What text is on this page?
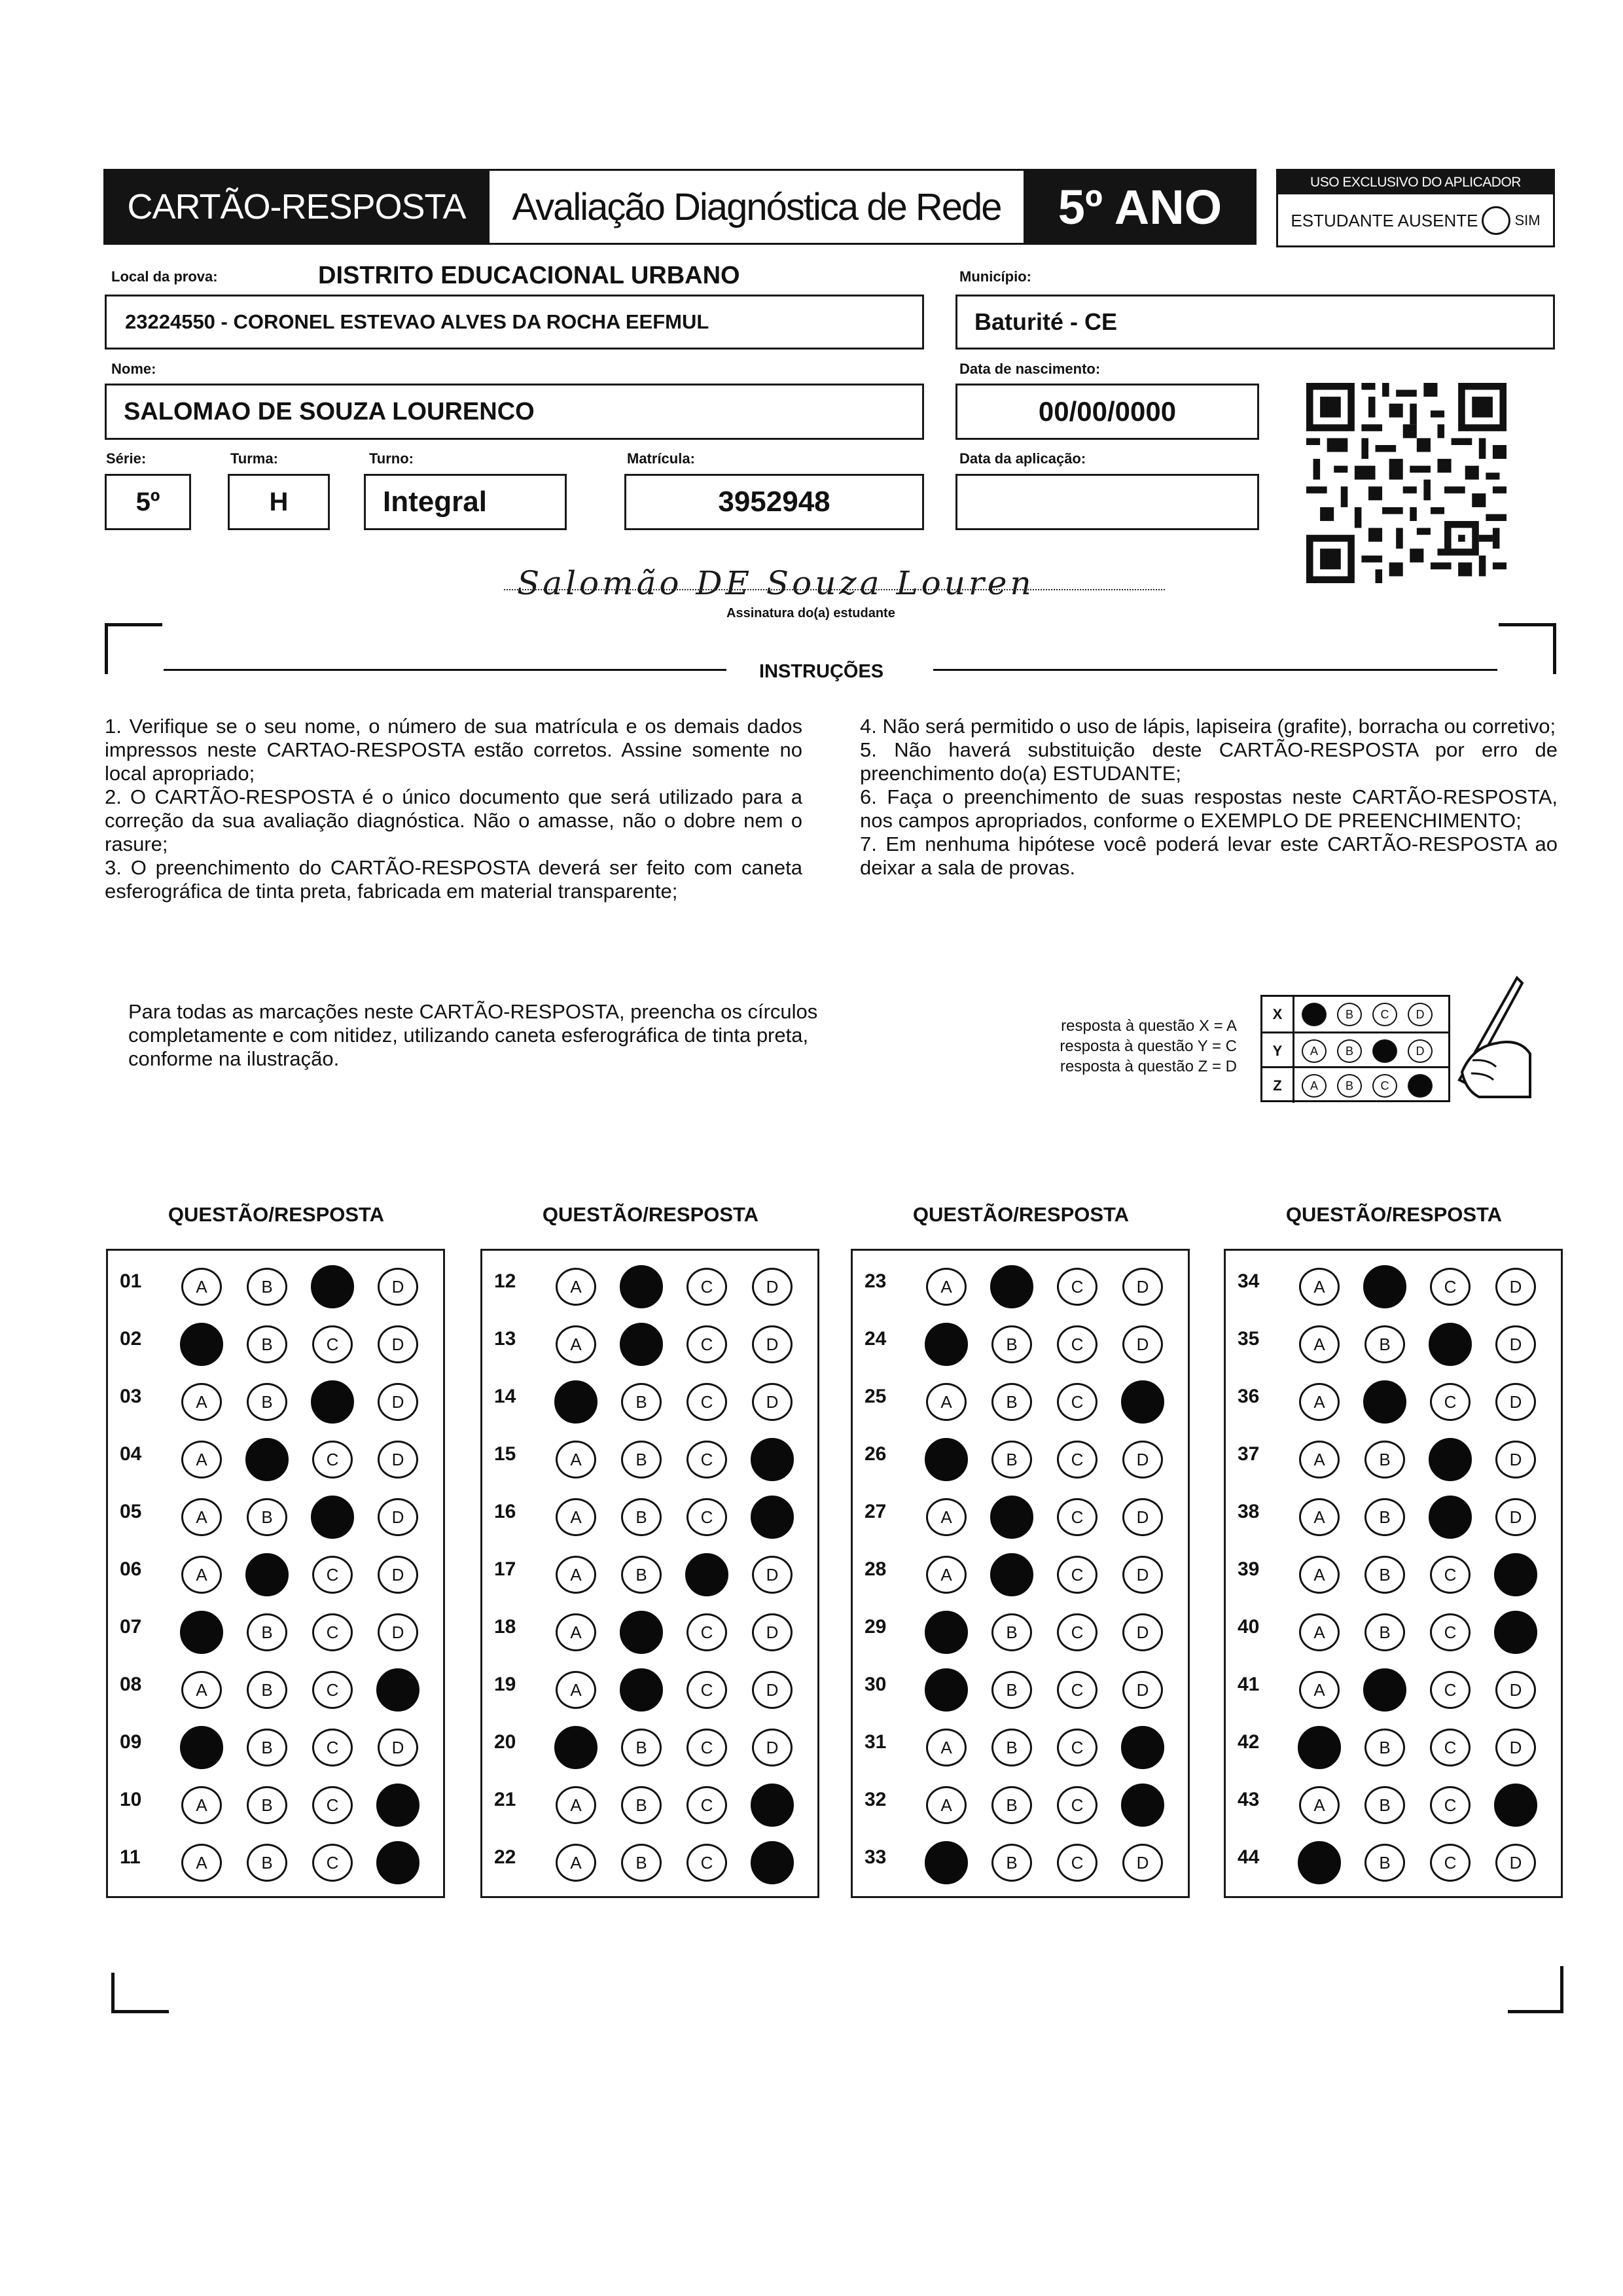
CARTÃO-RESPOSTA	Avaliação Diagnóstica de Rede	5º ANO	USO EXCLUSIVO DO APLICADOR
ESTUDANTE AUSENTE	SIM
Local da prova:	DISTRITO EDUCACIONAL URBANO
23224550 - CORONEL ESTEVAO ALVES DA ROCHA EEFMUL
Município:
Baturité - CE
Nome:
SALOMAO DE SOUZA LOURENCO
Data de nascimento:
00/00/0000
Série:
5º
Turma:
H
Turno:
Integral
Matrícula:
3952948
Data da aplicação:
Salomão DE Souza Louren
Assinatura do(a) estudante
INSTRUÇÕES

1. Verifique se o seu nome, o número de sua matrícula e os demais dados impressos neste CARTAO-RESPOSTA estão corretos. Assine somente no local apropriado;

2. O CARTÃO-RESPOSTA é o único documento que será utilizado para a correção da sua avaliação diagnóstica. Não o amasse, não o dobre nem o rasure;

3. O preenchimento do CARTÃO-RESPOSTA deverá ser feito com caneta esferográfica de tinta preta, fabricada em material transparente;

4. Não será permitido o uso de lápis, lapiseira (grafite), borracha ou corretivo;

5. Não haverá substituição deste CARTÃO-RESPOSTA por erro de preenchimento do(a) ESTUDANTE;

6. Faça o preenchimento de suas respostas neste CARTÃO-RESPOSTA, nos campos apropriados, conforme o EXEMPLO DE PREENCHIMENTO;

7. Em nenhuma hipótese você poderá levar este CARTÃO-RESPOSTA ao deixar a sala de provas.

Para todas as marcações neste CARTÃO-RESPOSTA, preencha os círculos completamente e com nitidez, utilizando caneta esferográfica de tinta preta, conforme na ilustração.
resposta à questão X = A
resposta à questão Y = C
resposta à questão Z = D
X	A	B	C	D
Y	A	B	C	D
Z	A	B	C	D
QUESTÃO/RESPOSTA
01	A	B	C	D
02	A	B	C	D
03	A	B	C	D
04	A	B	C	D
05	A	B	C	D
06	A	B	C	D
07	A	B	C	D
08	A	B	C	D
09	A	B	C	D
10	A	B	C	D
11	A	B	C	D
QUESTÃO/RESPOSTA
12	A	B	C	D
13	A	B	C	D
14	A	B	C	D
15	A	B	C	D
16	A	B	C	D
17	A	B	C	D
18	A	B	C	D
19	A	B	C	D
20	A	B	C	D
21	A	B	C	D
22	A	B	C	D
QUESTÃO/RESPOSTA
23	A	B	C	D
24	A	B	C	D
25	A	B	C	D
26	A	B	C	D
27	A	B	C	D
28	A	B	C	D
29	A	B	C	D
30	A	B	C	D
31	A	B	C	D
32	A	B	C	D
33	A	B	C	D
QUESTÃO/RESPOSTA
34	A	B	C	D
35	A	B	C	D
36	A	B	C	D
37	A	B	C	D
38	A	B	C	D
39	A	B	C	D
40	A	B	C	D
41	A	B	C	D
42	A	B	C	D
43	A	B	C	D
44	A	B	C	D
